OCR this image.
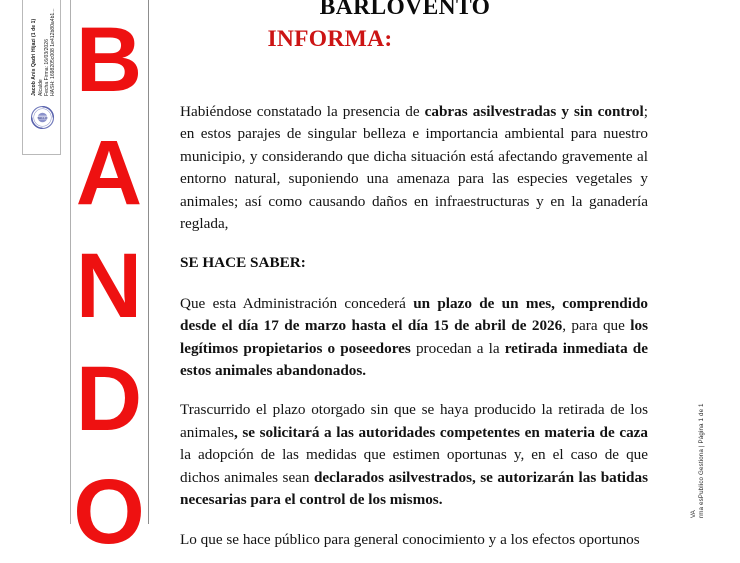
Jacob Anis Qadri Hijazi (1 de 1) Alcalde Fecha Firma: 16/03/2026 HASH: 1698205c008 1e412b80a4b1...
SELLO
B
A
N
D
O
BARLOVENTO
INFORMA:

Habiéndose constatado la presencia de cabras asilvestradas y sin control; en estos parajes de singular belleza e importancia ambiental para nuestro municipio, y considerando que dicha situación está afectando gravemente al entorno natural, suponiendo una amenaza para las especies vegetales y animales; así como causando daños en infraestructuras y en la ganadería reglada,

SE HACE SABER:

Que esta Administración concederá un plazo de un mes, comprendido desde el día 17 de marzo hasta el día 15 de abril de 2026, para que los legítimos propietarios o poseedores procedan a la retirada inmediata de estos animales abandonados.

Trascurrido el plazo otorgado sin que se haya producido la retirada de los animales, se solicitará a las autoridades competentes en materia de caza la adopción de las medidas que estimen oportunas y, en el caso de que dichos animales sean declarados asilvestrados, se autorizarán las batidas necesarias para el control de los mismos.

Lo que se hace público para general conocimiento y a los efectos oportunos

rma esPublico Gestiona | Página 1 de 1
VA
